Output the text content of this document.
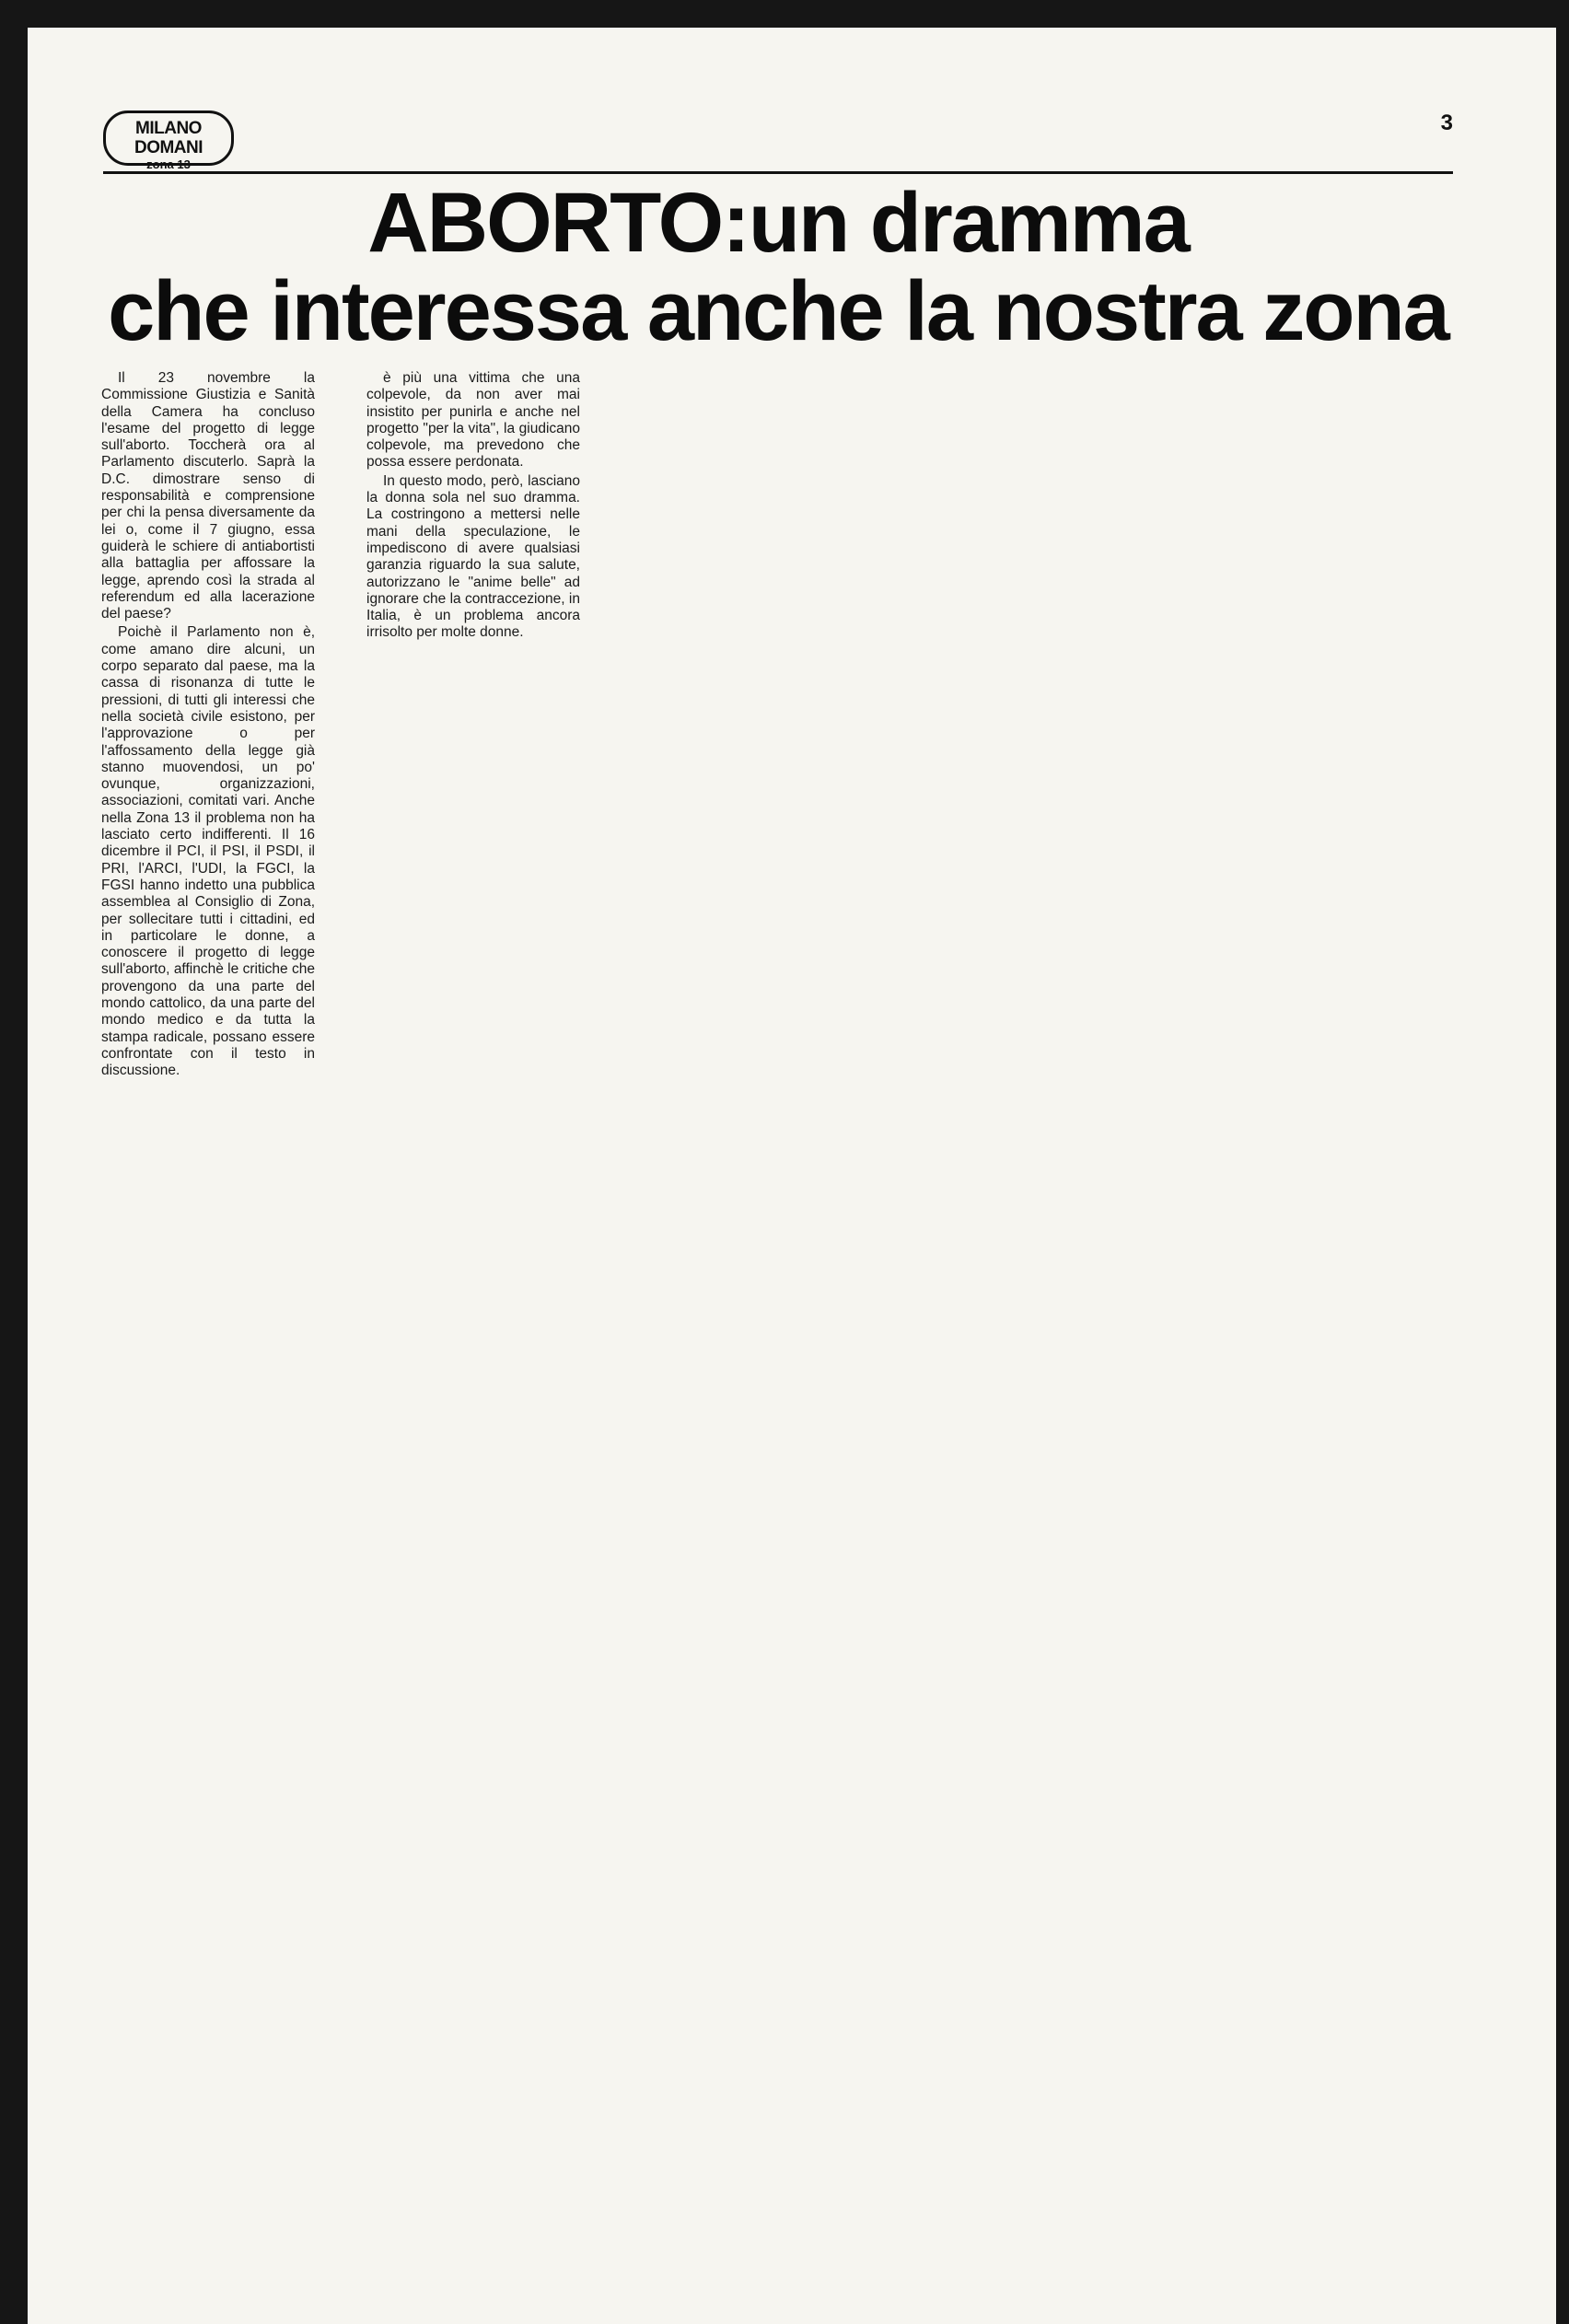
MILANO DOMANI
zona 13
3
ABORTO:un dramma
che interessa anche la nostra zona

Il 23 novembre la Commissione Giustizia e Sanità della Camera ha concluso l'esame del progetto di legge sull'aborto. Toccherà ora al Parlamento discuterlo. Saprà la D.C. dimostrare senso di responsabilità e comprensione per chi la pensa diversamente da lei o, come il 7 giugno, essa guiderà le schiere di antiabortisti alla battaglia per affossare la legge, aprendo così la strada al referendum ed alla lacerazione del paese?

Poichè il Parlamento non è, come amano dire alcuni, un corpo separato dal paese, ma la cassa di risonanza di tutte le pressioni, di tutti gli interessi che nella società civile esistono, per l'approvazione o per l'affossamento della legge già stanno muovendosi, un po' ovunque, organizzazioni, associazioni, comitati vari. Anche nella Zona 13 il problema non ha lasciato certo indifferenti. Il 16 dicembre il PCI, il PSI, il PSDI, il PRI, l'ARCI, l'UDI, la FGCI, la FGSI hanno indetto una pubblica assemblea al Consiglio di Zona, per sollecitare tutti i cittadini, ed in particolare le donne, a conoscere il progetto di legge sull'aborto, affinchè le critiche che provengono da una parte del mondo cattolico, da una parte del mondo medico e da tutta la stampa radicale, possano essere confrontate con il testo in discussione.

è più una vittima che una colpevole, da non aver mai insistito per punirla e anche nel progetto "per la vita", la giudicano colpevole, ma prevedono che possa essere perdonata.

In questo modo, però, lasciano la donna sola nel suo dramma. La costringono a mettersi nelle mani della speculazione, le impediscono di avere qualsiasi garanzia riguardo la sua salute, autorizzano le "anime belle" ad ignorare che la contraccezione, in Italia, è un problema ancora irrisolto per molte donne.
